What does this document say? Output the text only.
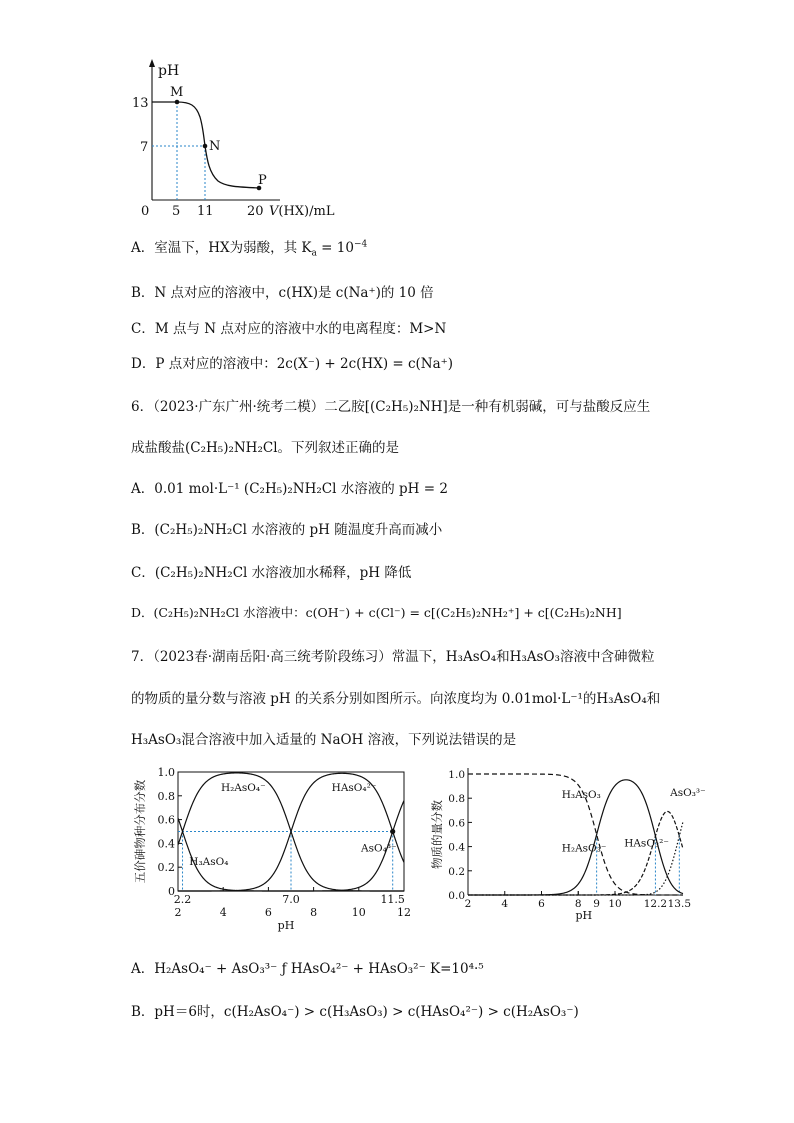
pH
13
7
0 5 11	20 V(HX)/mL
M
N
P
A．室温下，HX为弱酸，其 $K_a = 10^{-4}$
B．N 点对应的溶液中，c(HX)是 c(Na⁺)的 10 倍
C．M 点与 N 点对应的溶液中水的电离程度：M>N
D．P 点对应的溶液中：2c(X⁻) + 2c(HX) = c(Na⁺)
6．（2023·广东广州·统考二模）二乙胺[(C₂H₅)₂NH]是一种有机弱碱，可与盐酸反应生
成盐酸盐(C₂H₅)₂NH₂Cl。下列叙述正确的是
A．0.01 mol·L⁻¹ (C₂H₅)₂NH₂Cl 水溶液的 pH = 2
B．(C₂H₅)₂NH₂Cl 水溶液的 pH 随温度升高而减小
C．(C₂H₅)₂NH₂Cl 水溶液加水稀释，pH 降低
D．(C₂H₅)₂NH₂Cl 水溶液中：c(OH⁻) + c(Cl⁻) = c[(C₂H₅)₂NH₂⁺] + c[(C₂H₅)₂NH]
7．（2023春·湖南岳阳·高三统考阶段练习）常温下，H₃AsO₄和H₃AsO₃溶液中含砷微粒
的物质的量分数与溶液 pH 的关系分别如图所示。向浓度均为 0.01mol·L⁻¹的H₃AsO₄和
H₃AsO₃混合溶液中加入适量的 NaOH 溶液，下列说法错误的是
0
0.2
0.4
0.6
0.8
1.0
2	4	6	8	10	12
2.2	7.0	11.5
H₃AsO₄
H₂AsO₄⁻	HAsO₄²⁻
AsO₄³⁻
五价砷物种分布分数
pH
0.0
0.2
0.4
0.6
0.8
1.0
2	4	6	8 9 10 12.2 13.5
H₃AsO₃
H₂AsO₃⁻ HAsO₃²⁻
AsO₃³⁻
物质的量分数
pH
A．H₂AsO₄⁻ + AsO₃³⁻ ƒ HAsO₄²⁻ + HAsO₃²⁻ K=10⁴·⁵
B．pH＝6时，c(H₂AsO₄⁻) > c(H₃AsO₃) > c(HAsO₄²⁻) > c(H₂AsO₃⁻)
